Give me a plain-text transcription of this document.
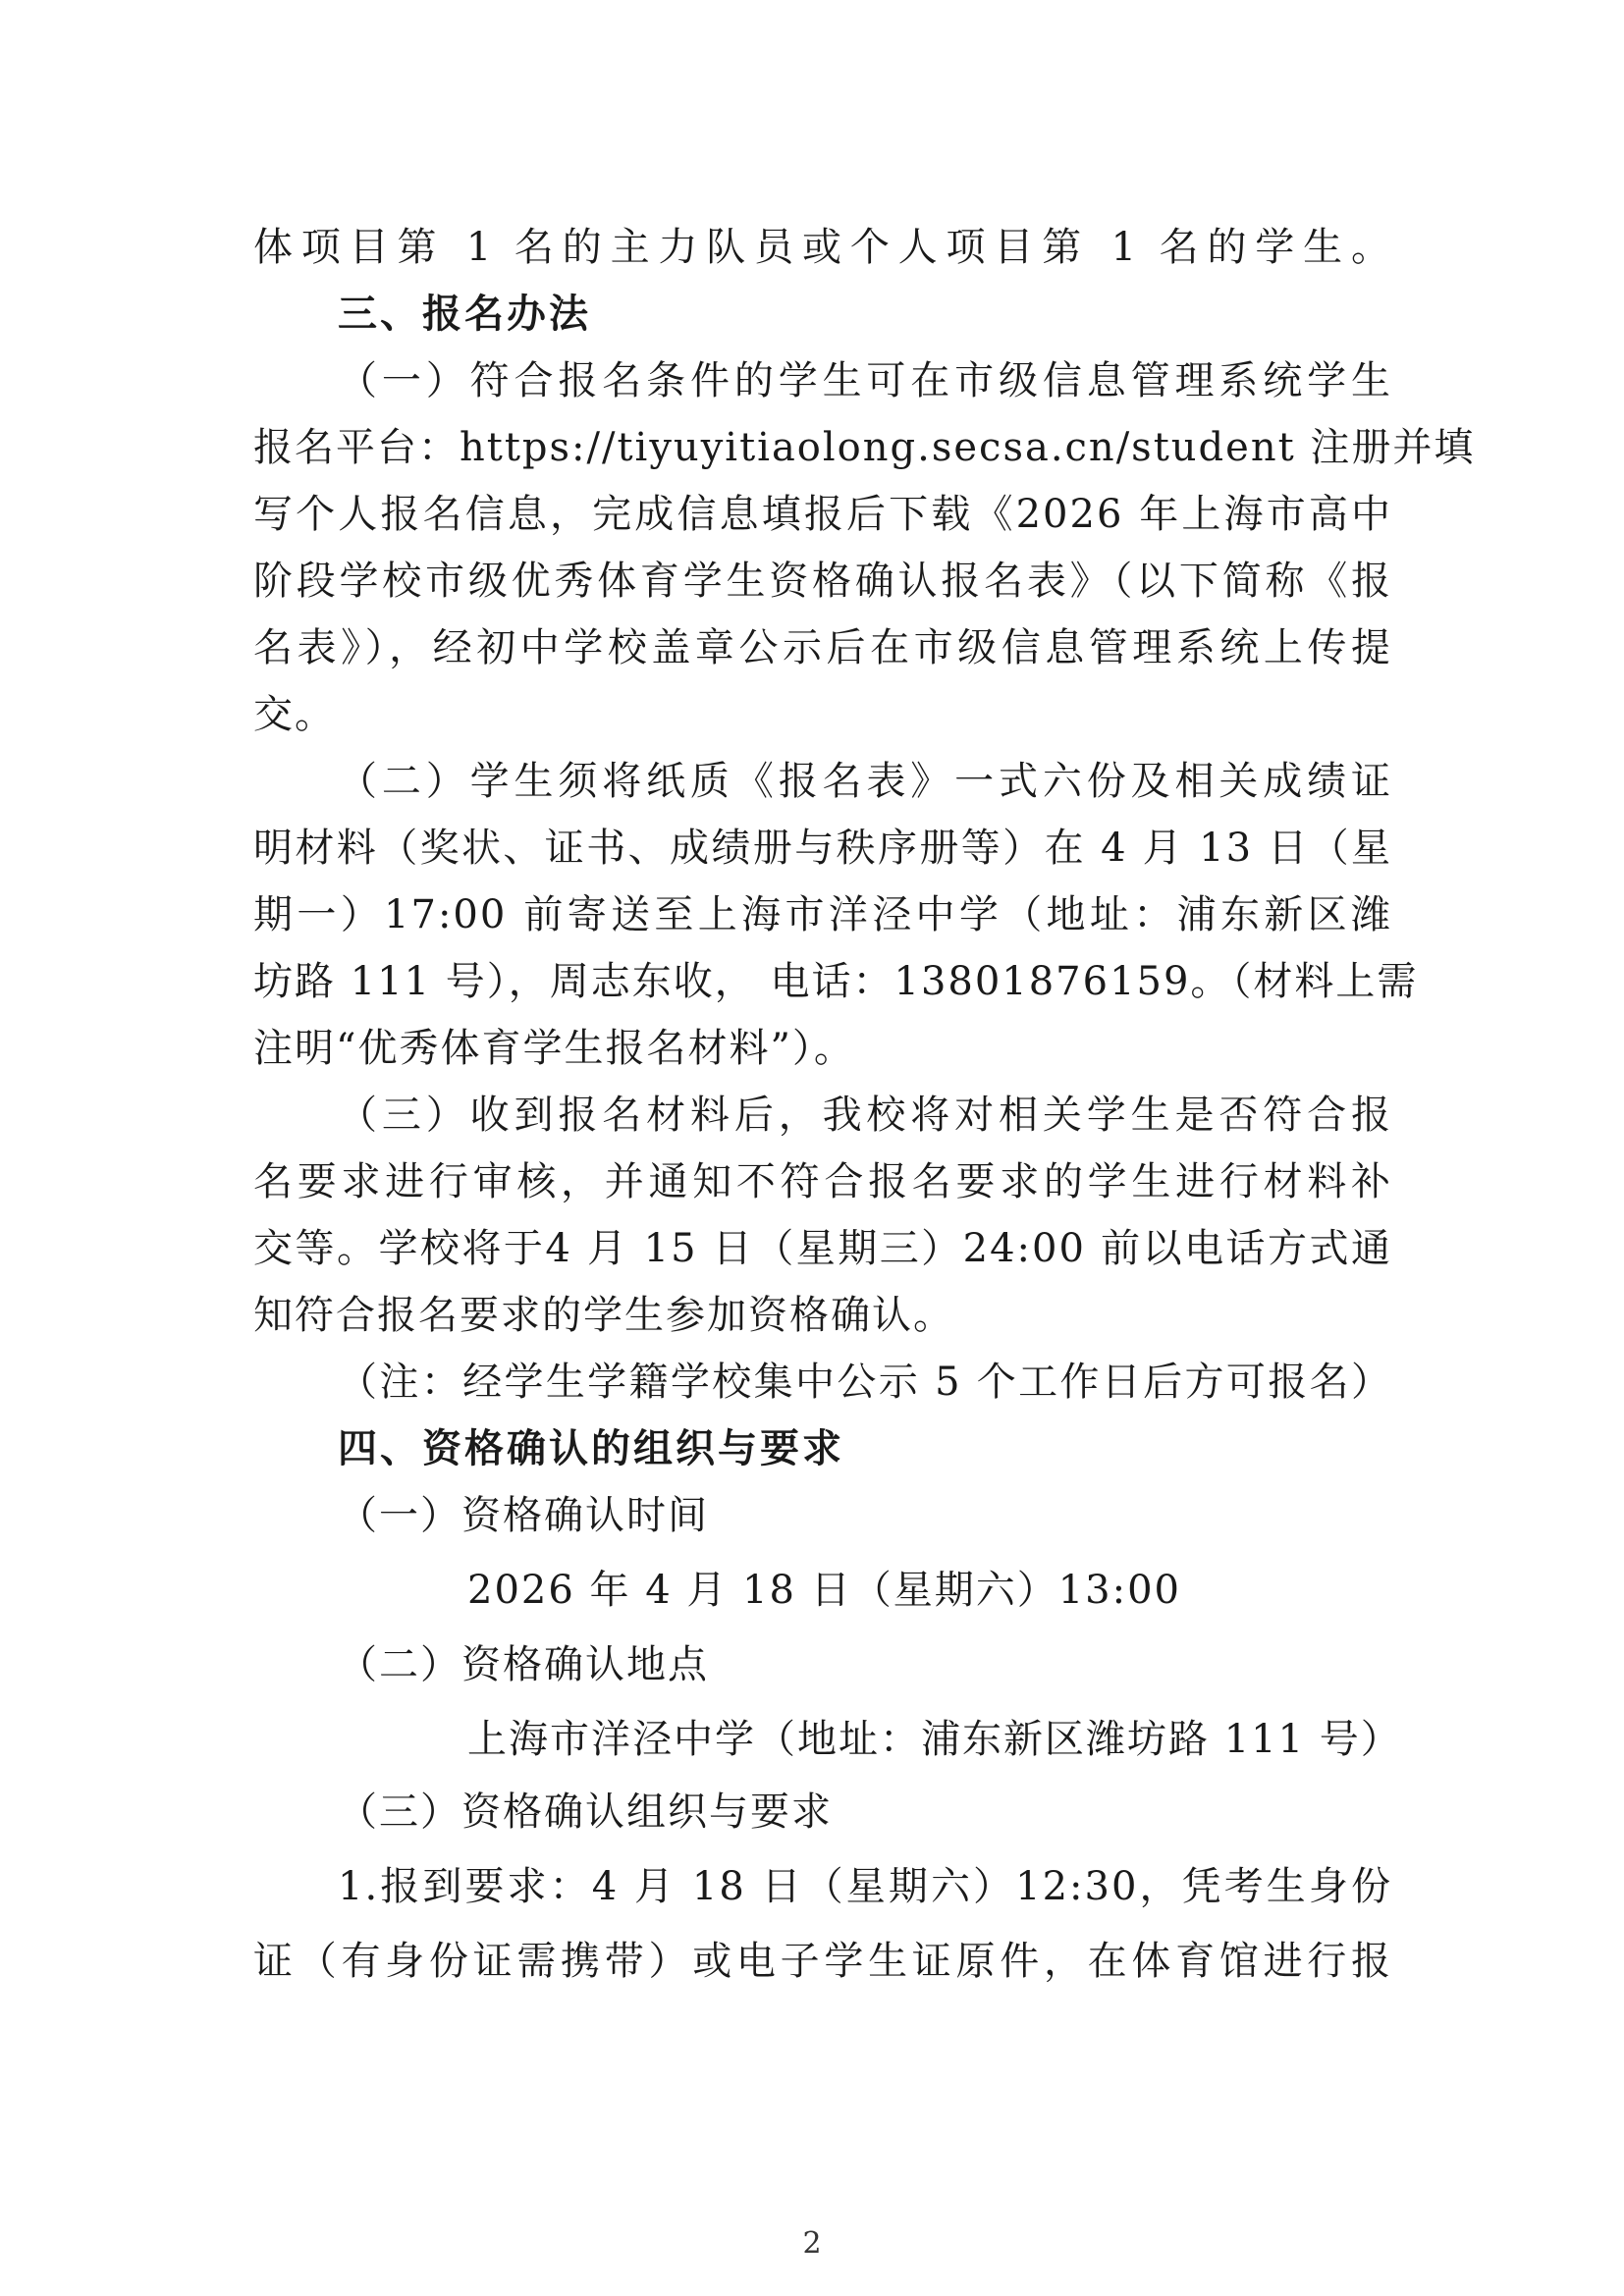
体项目第 1 名的主力队员或个人项目第 1 名的学生。
三、报名办法
（一）符合报名条件的学生可在市级信息管理系统学生
报名平台：https://tiyuyitiaolong.secsa.cn/student 注册并填
写个人报名信息，完成信息填报后下载《2026 年上海市高中
阶段学校市级优秀体育学生资格确认报名表》（以下简称《报
名表》），经初中学校盖章公示后在市级信息管理系统上传提
交。
（二）学生须将纸质《报名表》一式六份及相关成绩证
明材料（奖状、证书、成绩册与秩序册等）在 4 月 13 日（星
期一）17:00 前寄送至上海市洋泾中学（地址：浦东新区潍
坊路 111 号），周志东收， 电话：13801876159。（材料上需
注明“优秀体育学生报名材料”）。
（三）收到报名材料后，我校将对相关学生是否符合报
名要求进行审核，并通知不符合报名要求的学生进行材料补
交等。学校将于4 月 15 日（星期三）24:00 前以电话方式通
知符合报名要求的学生参加资格确认。
（注：经学生学籍学校集中公示 5 个工作日后方可报名）
四、资格确认的组织与要求
（一）资格确认时间
2026 年 4 月 18 日（星期六）13:00
（二）资格确认地点
上海市洋泾中学（地址：浦东新区潍坊路 111 号）
（三）资格确认组织与要求
1.报到要求：4 月 18 日（星期六）12:30，凭考生身份
证（有身份证需携带）或电子学生证原件，在体育馆进行报
2
